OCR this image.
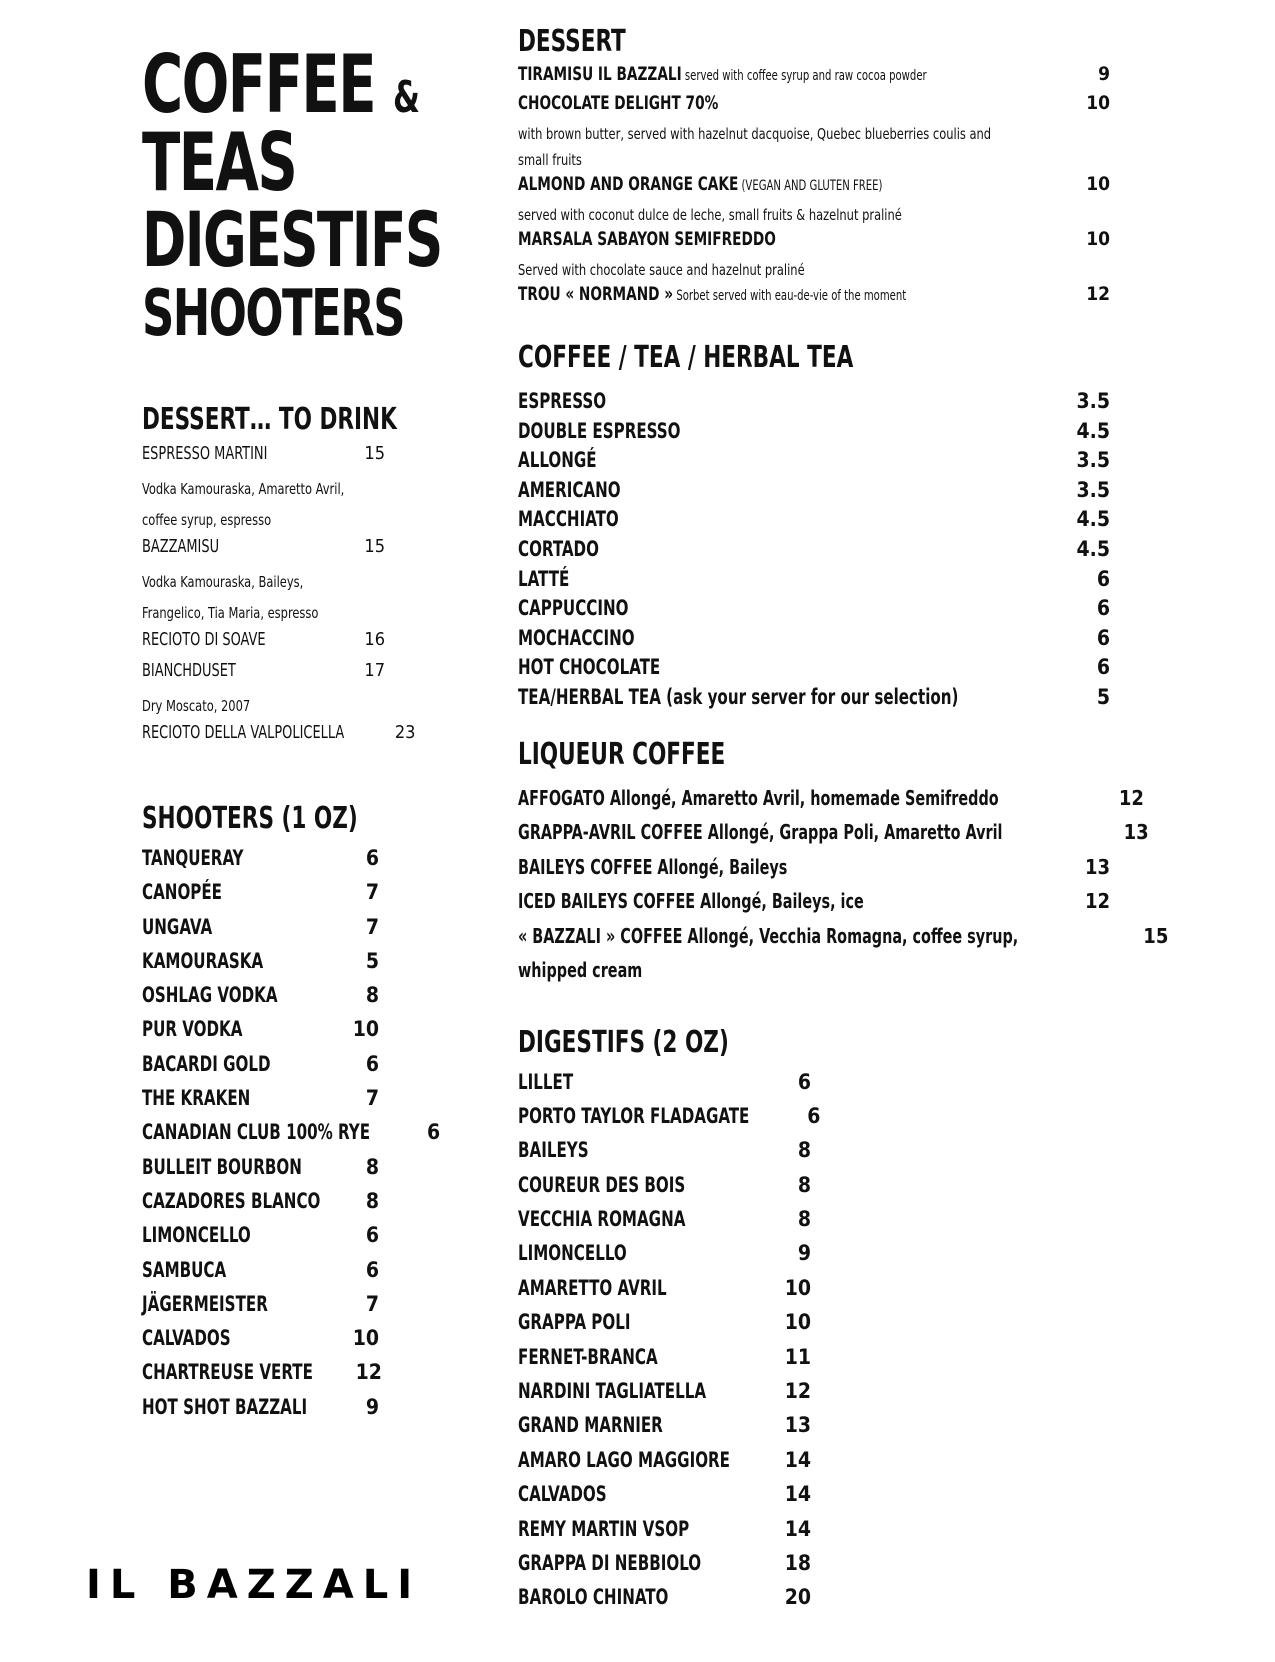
COFFEE &
TEAS
DIGESTIFS
SHOOTERS
DESSERT… TO DRINK
ESPRESSO MARTINI	15
Vodka Kamouraska, Amaretto Avril,
coffee syrup, espresso
BAZZAMISU	15
Vodka Kamouraska, Baileys,
Frangelico, Tia Maria, espresso
RECIOTO DI SOAVE	16
BIANCHDUSET	17
Dry Moscato, 2007
RECIOTO DELLA VALPOLICELLA	23
SHOOTERS (1 OZ)
TANQUERAY	6
CANOPÉE	7
UNGAVA	7
KAMOURASKA	5
OSHLAG VODKA	8
PUR VODKA	10
BACARDI GOLD	6
THE KRAKEN	7
CANADIAN CLUB 100% RYE	6
BULLEIT BOURBON	8
CAZADORES BLANCO 8
LIMONCELLO	6
SAMBUCA	6
JÄGERMEISTER	7
CALVADOS	10
CHARTREUSE VERTE 12
HOT SHOT BAZZALI	9
IL BAZZALI
DESSERT
TIRAMISU IL BAZZALI served with coffee syrup and raw cocoa powder	9
CHOCOLATE DELIGHT 70%	10
with brown butter, served with hazelnut dacquoise, Quebec blueberries coulis and small fruits
ALMOND AND ORANGE CAKE (VEGAN AND GLUTEN FREE)	10
served with coconut dulce de leche, small fruits & hazelnut praliné
MARSALA SABAYON SEMIFREDDO	10
Served with chocolate sauce and hazelnut praliné
TROU « NORMAND » Sorbet served with eau-de-vie of the moment	12
COFFEE / TEA / HERBAL TEA
ESPRESSO	3.5
DOUBLE ESPRESSO	4.5
ALLONGÉ	3.5
AMERICANO	3.5
MACCHIATO	4.5
CORTADO	4.5
LATTÉ	6
CAPPUCCINO	6
MOCHACCINO	6
HOT CHOCOLATE	6
TEA/HERBAL TEA (ask your server for our selection)	5
LIQUEUR COFFEE
AFFOGATO Allongé, Amaretto Avril, homemade Semifreddo	12
GRAPPA-AVRIL COFFEE Allongé, Grappa Poli, Amaretto Avril	13
BAILEYS COFFEE Allongé, Baileys	13
ICED BAILEYS COFFEE Allongé, Baileys, ice	12
« BAZZALI » COFFEE Allongé, Vecchia Romagna, coffee syrup,	15
whipped cream
DIGESTIFS (2 OZ)
LILLET	6
PORTO TAYLOR FLADAGATE	6
BAILEYS	8
COUREUR DES BOIS	8
VECCHIA ROMAGNA	8
LIMONCELLO	9
AMARETTO AVRIL	10
GRAPPA POLI	10
FERNET-BRANCA	11
NARDINI TAGLIATELLA	12
GRAND MARNIER	13
AMARO LAGO MAGGIORE	14
CALVADOS	14
REMY MARTIN VSOP	14
GRAPPA DI NEBBIOLO	18
BAROLO CHINATO	20
